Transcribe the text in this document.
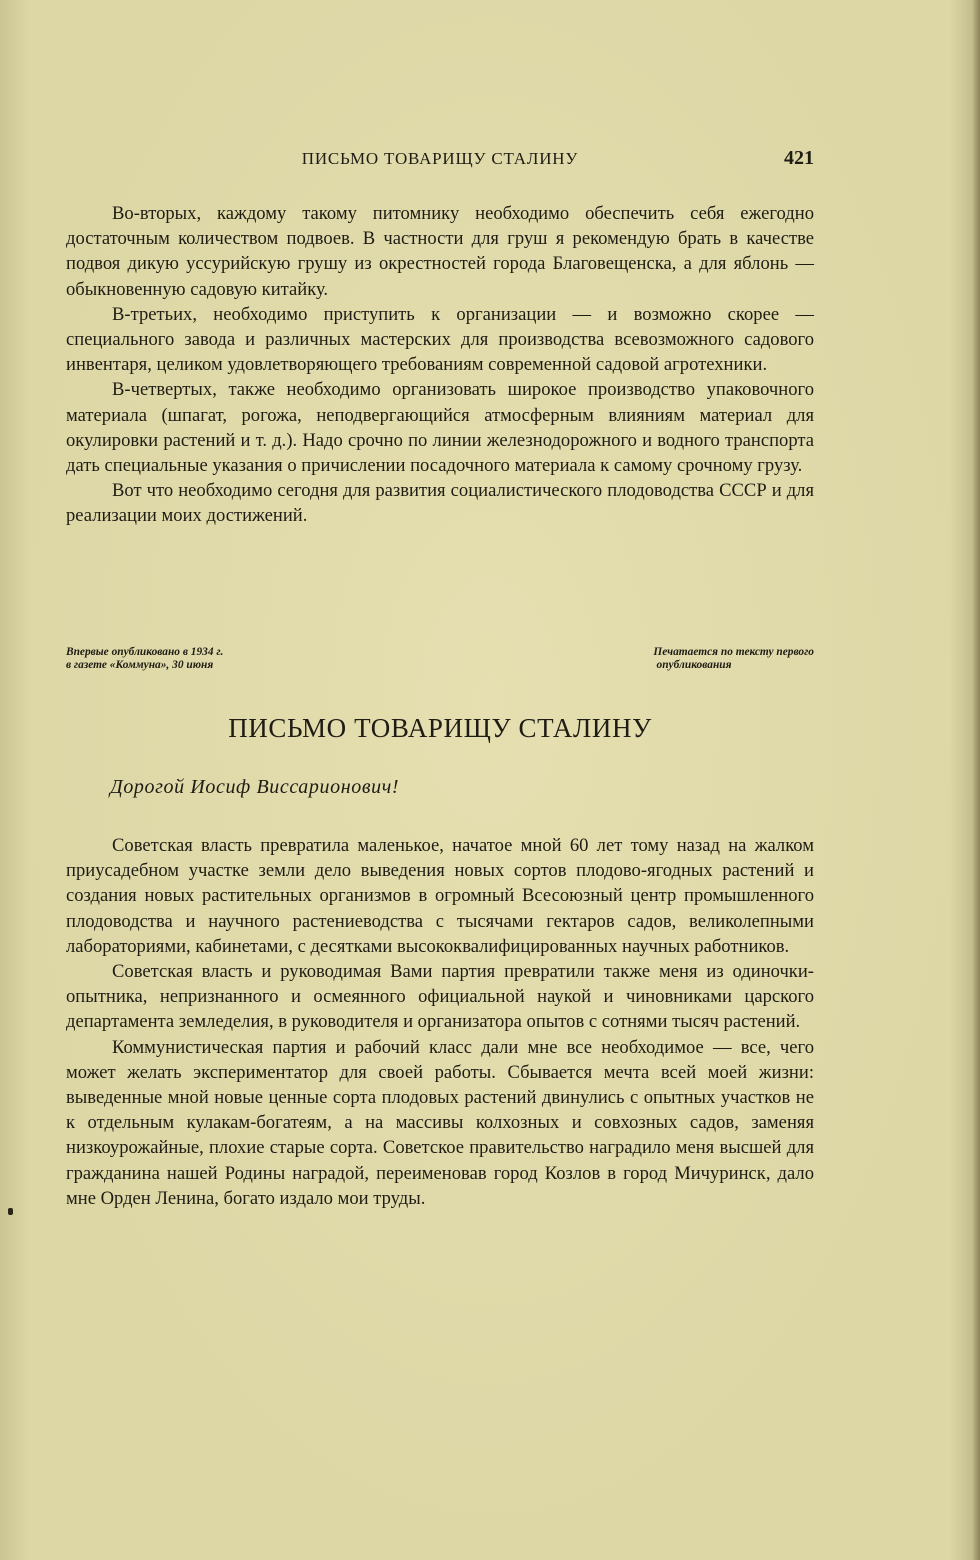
ПИСЬМО ТОВАРИЩУ СТАЛИНУ	421

Во-вторых, каждому такому питомнику необходимо обеспечить себя ежегодно достаточным количеством подвоев. В частности для груш я рекомендую брать в качестве подвоя дикую уссурийскую грушу из окрестностей города Благовещенска, а для яблонь — обыкновенную садовую китайку.

В-третьих, необходимо приступить к организации — и возможно скорее — специального завода и различных мастерских для производства всевозможного садового инвентаря, целиком удовлетворяющего требованиям современной садовой агротехники.

В-четвертых, также необходимо организовать широкое производство упаковочного материала (шпагат, рогожа, неподвергающийся атмосферным влияниям материал для окулировки растений и т. д.). Надо срочно по линии железнодорожного и водного транспорта дать специальные указания о причислении посадочного материала к самому срочному грузу.

Вот что необходимо сегодня для развития социалистического плодоводства СССР и для реализации моих достижений.

Впервые опубликовано в 1934 г.
в газете «Коммуна», 30 июня
Печатается по тексту первого
опубликования
ПИСЬМО ТОВАРИЩУ СТАЛИНУ
Дорогой Иосиф Виссарионович!

Советская власть превратила маленькое, начатое мной 60 лет тому назад на жалком приусадебном участке земли дело выведения новых сортов плодово-ягодных растений и создания новых растительных организмов в огромный Всесоюзный центр промышленного плодоводства и научного растениеводства с тысячами гектаров садов, великолепными лабораториями, кабинетами, с десятками высококвалифицированных научных работников.

Советская власть и руководимая Вами партия превратили также меня из одиночки-опытника, непризнанного и осмеянного официальной наукой и чиновниками царского департамента земледелия, в руководителя и организатора опытов с сотнями тысяч растений.

Коммунистическая партия и рабочий класс дали мне все необходимое — все, чего может желать экспериментатор для своей работы. Сбывается мечта всей моей жизни: выведенные мной новые ценные сорта плодовых растений двинулись с опытных участков не к отдельным кулакам-богатеям, а на массивы колхозных и совхозных садов, заменяя низкоурожайные, плохие старые сорта. Советское правительство наградило меня высшей для гражданина нашей Родины наградой, переименовав город Козлов в город Мичуринск, дало мне Орден Ленина, богато издало мои труды.
